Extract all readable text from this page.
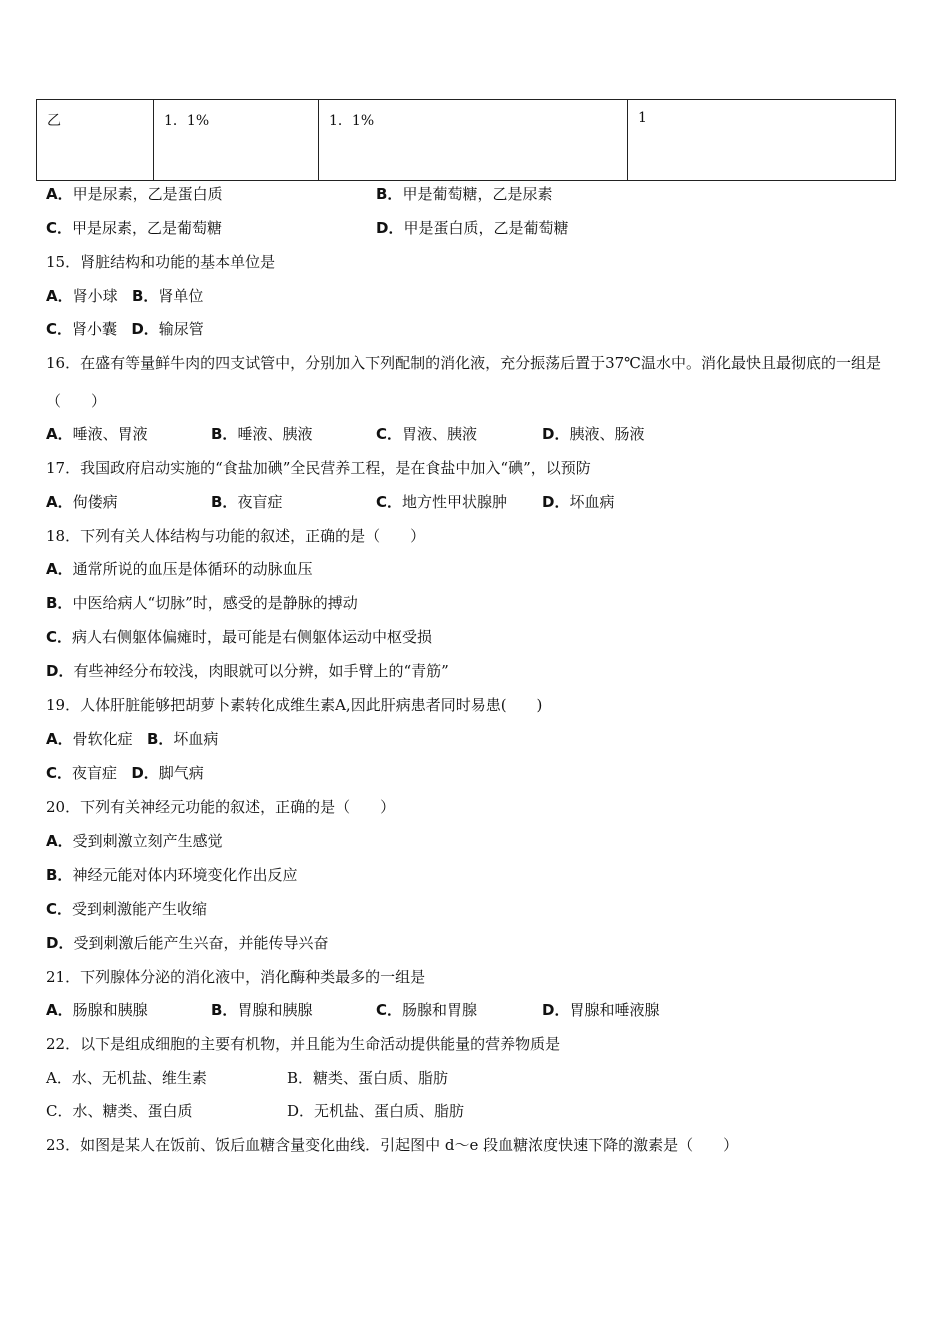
乙	1．1%	1．1%	1
A．甲是尿素，乙是蛋白质	B．甲是葡萄糖，乙是尿素
C．甲是尿素，乙是葡萄糖	D．甲是蛋白质，乙是葡萄糖
15．肾脏结构和功能的基本单位是
A．肾小球 B．肾单位
C．肾小囊 D．输尿管
16．在盛有等量鲜牛肉的四支试管中，分别加入下列配制的消化液，充分振荡后置于37℃温水中。消化最快且最彻底的一组是（　　）
A．唾液、胃液	B．唾液、胰液	C．胃液、胰液	D．胰液、肠液
17．我国政府启动实施的“食盐加碘”全民营养工程，是在食盐中加入“碘”，以预防
A．佝偻病	B．夜盲症	C．地方性甲状腺肿 D．坏血病
18．下列有关人体结构与功能的叙述，正确的是（　　）
A．通常所说的血压是体循环的动脉血压
B．中医给病人“切脉”时，感受的是静脉的搏动
C．病人右侧躯体偏瘫时，最可能是右侧躯体运动中枢受损
D．有些神经分布较浅，肉眼就可以分辨，如手臂上的“青筋”
19．人体肝脏能够把胡萝卜素转化成维生素A,因此肝病患者同时易患(　　)
A．骨软化症 B．坏血病
C．夜盲症 D．脚气病
20．下列有关神经元功能的叙述，正确的是（　　）
A．受到刺激立刻产生感觉
B．神经元能对体内环境变化作出反应
C．受到刺激能产生收缩
D．受到刺激后能产生兴奋，并能传导兴奋
21．下列腺体分泌的消化液中，消化酶种类最多的一组是
A．肠腺和胰腺	B．胃腺和胰腺	C．肠腺和胃腺	D．胃腺和唾液腺
22．以下是组成细胞的主要有机物，并且能为生命活动提供能量的营养物质是
A．水、无机盐、维生素	B．糖类、蛋白质、脂肪
C．水、糖类、蛋白质	D．无机盐、蛋白质、脂肪
23．如图是某人在饭前、饭后血糖含量变化曲线．引起图中 d～e 段血糖浓度快速下降的激素是（　　）
